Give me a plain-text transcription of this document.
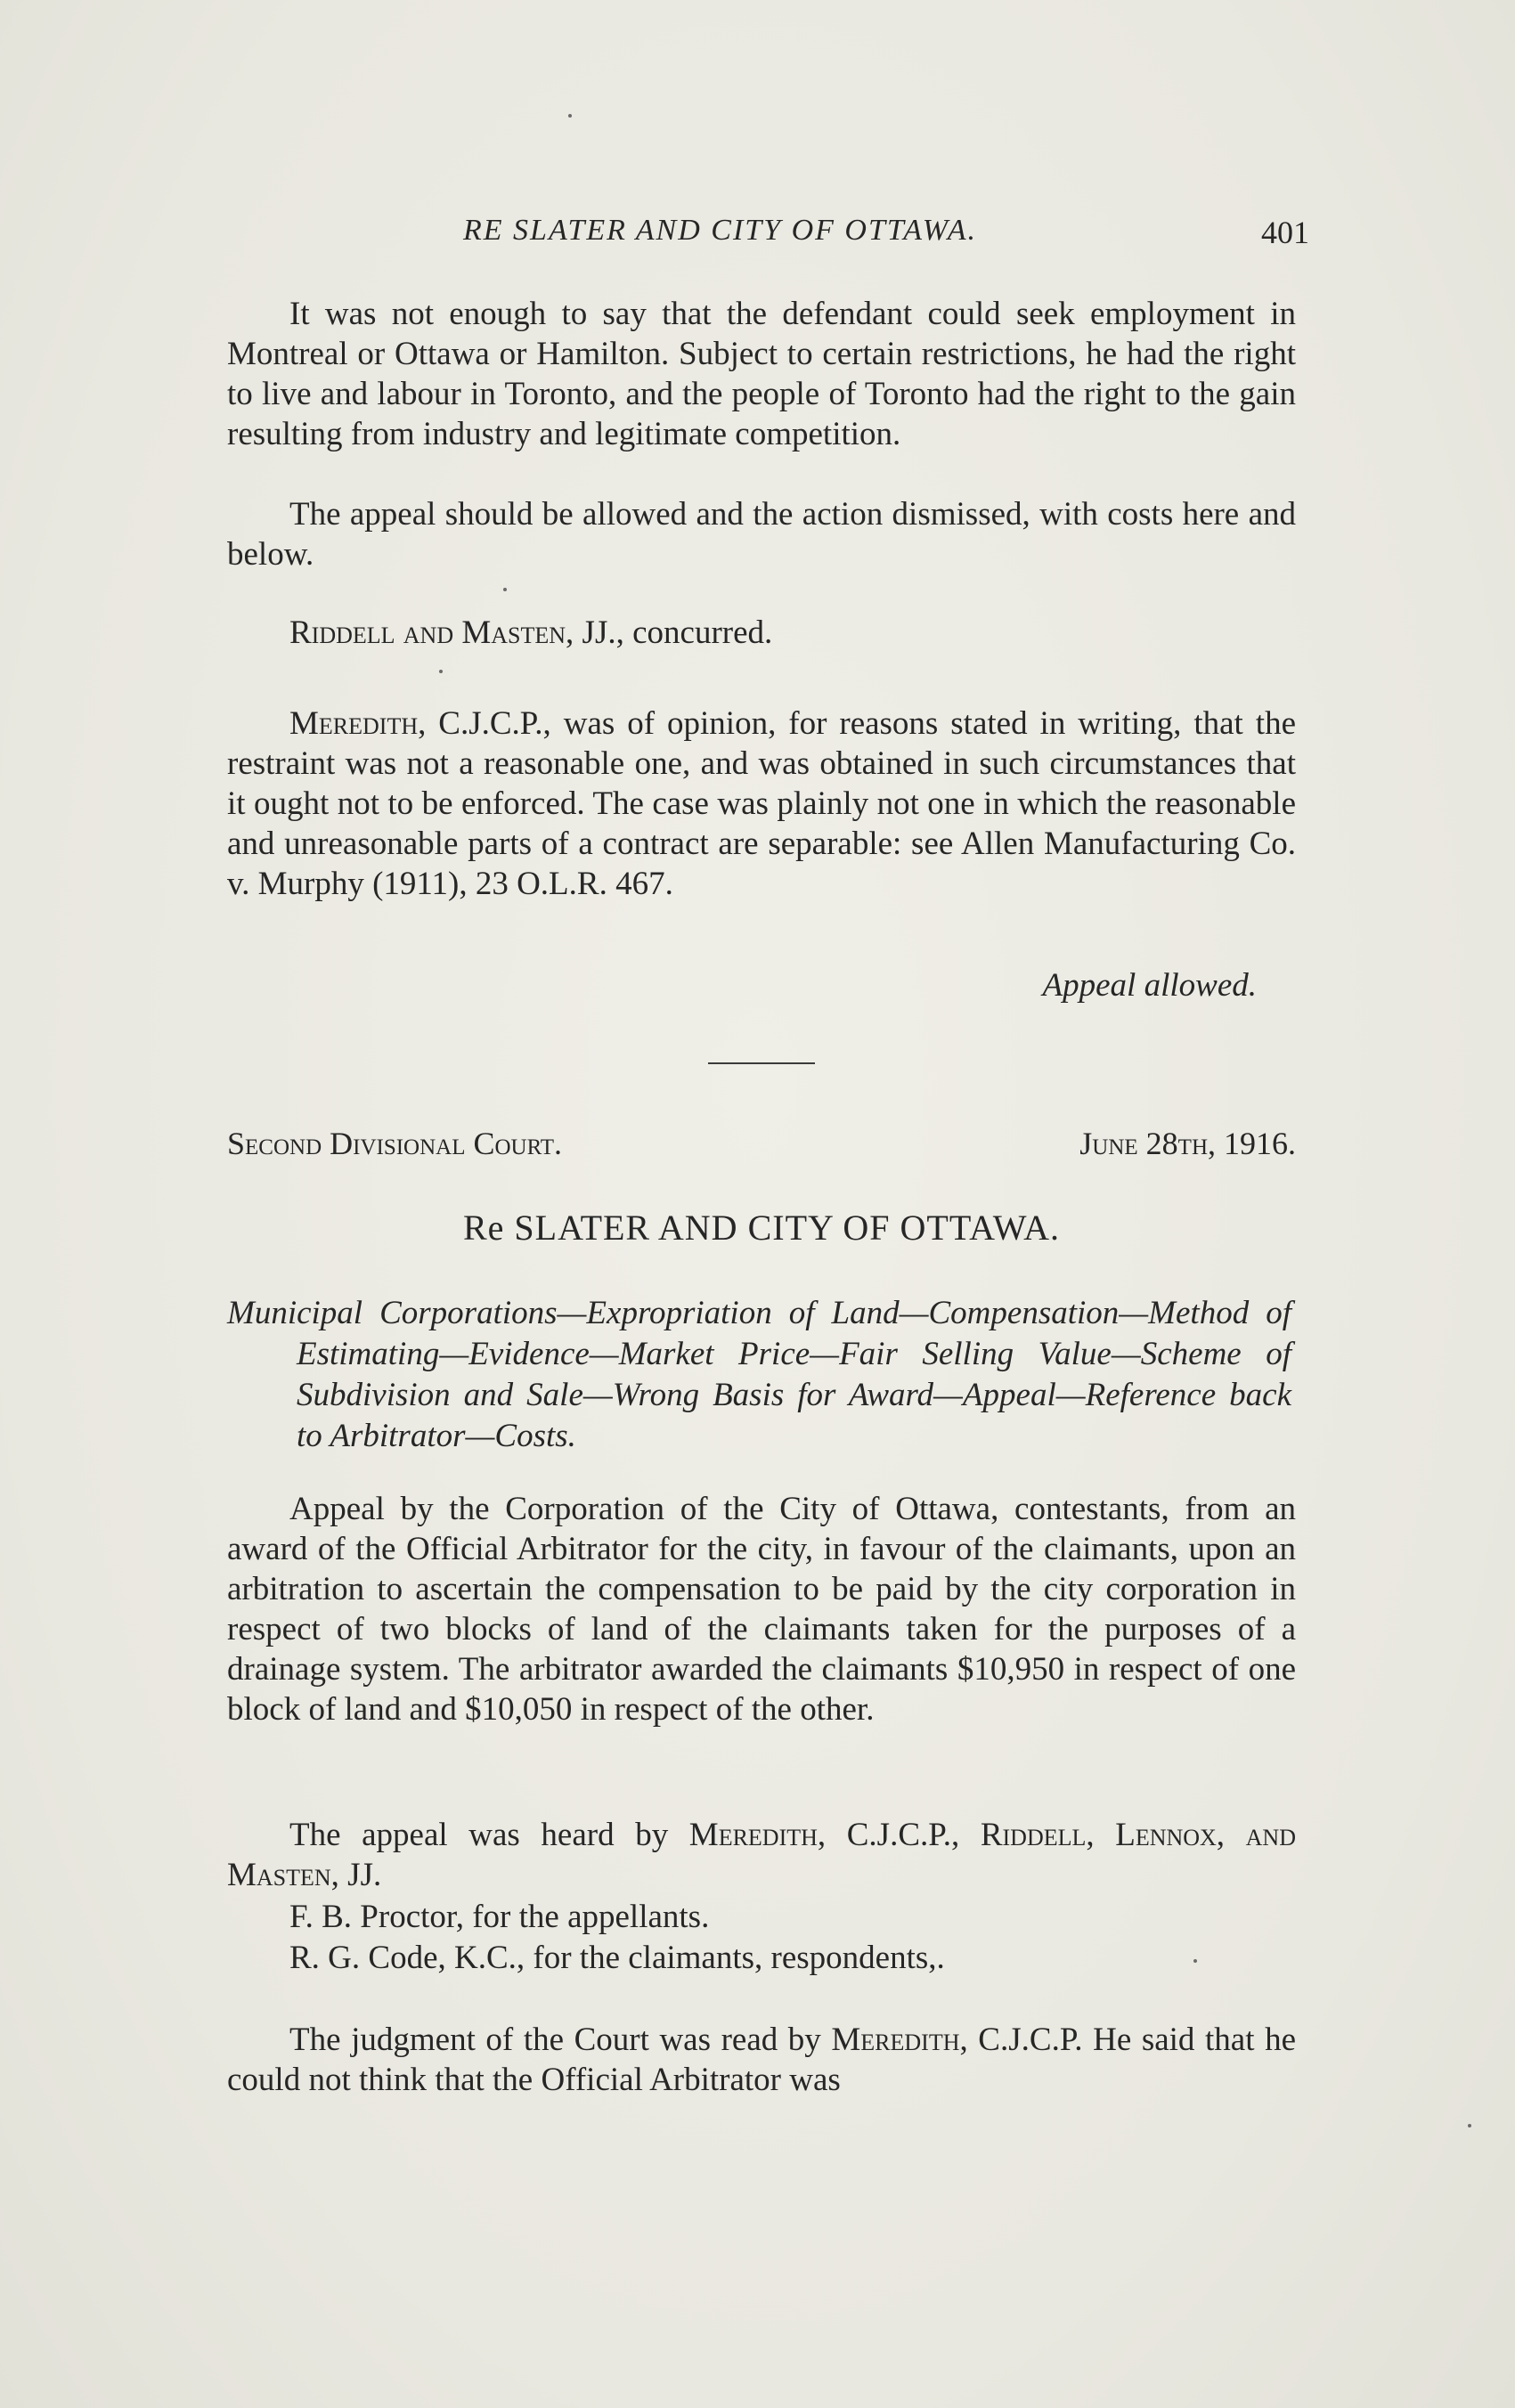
RE SLATER AND CITY OF OTTAWA.	401

It was not enough to say that the defendant could seek employment in Montreal or Ottawa or Hamilton. Subject to certain restrictions, he had the right to live and labour in Toronto, and the people of Toronto had the right to the gain resulting from industry and legitimate competition.

The appeal should be allowed and the action dismissed, with costs here and below.

Riddell and Masten, JJ., concurred.

Meredith, C.J.C.P., was of opinion, for reasons stated in writing, that the restraint was not a reasonable one, and was obtained in such circumstances that it ought not to be enforced. The case was plainly not one in which the reasonable and unreasonable parts of a contract are separable: see Allen Manufacturing Co. v. Murphy (1911), 23 O.L.R. 467.

Appeal allowed.
Second Divisional Court.	June 28th, 1916.
Re SLATER AND CITY OF OTTAWA.

Municipal Corporations—Expropriation of Land—Compensation—Method of Estimating—Evidence—Market Price—Fair Selling Value—Scheme of Subdivision and Sale—Wrong Basis for Award—Appeal—Reference back to Arbitrator—Costs.

Appeal by the Corporation of the City of Ottawa, contestants, from an award of the Official Arbitrator for the city, in favour of the claimants, upon an arbitration to ascertain the compensation to be paid by the city corporation in respect of two blocks of land of the claimants taken for the purposes of a drainage system. The arbitrator awarded the claimants $10,950 in respect of one block of land and $10,050 in respect of the other.

The appeal was heard by Meredith, C.J.C.P., Riddell, Lennox, and Masten, JJ.

F. B. Proctor, for the appellants.

R. G. Code, K.C., for the claimants, respondents,.

The judgment of the Court was read by Meredith, C.J.C.P. He said that he could not think that the Official Arbitrator was
